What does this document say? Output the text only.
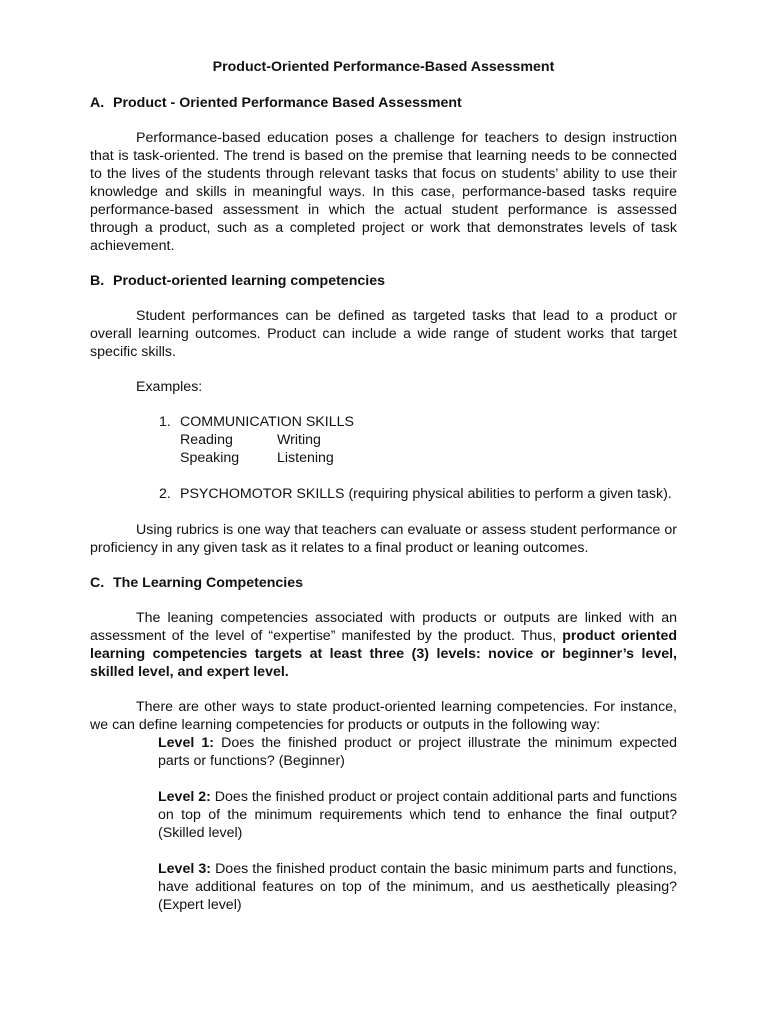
Product-Oriented Performance-Based Assessment
A. Product - Oriented Performance Based Assessment

Performance-based education poses a challenge for teachers to design instruction that is task-oriented. The trend is based on the premise that learning needs to be connected to the lives of the students through relevant tasks that focus on students’ ability to use their knowledge and skills in meaningful ways. In this case, performance-based tasks require performance-based assessment in which the actual student performance is assessed through a product, such as a completed project or work that demonstrates levels of task achievement.

B. Product-oriented learning competencies

Student performances can be defined as targeted tasks that lead to a product or overall learning outcomes. Product can include a wide range of student works that target specific skills.

Examples:
1. COMMUNICATION SKILLS
Reading	Writing
Speaking	Listening
2. PSYCHOMOTOR SKILLS (requiring physical abilities to perform a given task).

Using rubrics is one way that teachers can evaluate or assess student performance or proficiency in any given task as it relates to a final product or leaning outcomes.

C. The Learning Competencies

The leaning competencies associated with products or outputs are linked with an assessment of the level of “expertise” manifested by the product. Thus, product oriented learning competencies targets at least three (3) levels: novice or beginner’s level, skilled level, and expert level.

There are other ways to state product-oriented learning competencies. For instance, we can define learning competencies for products or outputs in the following way:

Level 1: Does the finished product or project illustrate the minimum expected parts or functions? (Beginner)
Level 2: Does the finished product or project contain additional parts and functions on top of the minimum requirements which tend to enhance the final output? (Skilled level)
Level 3: Does the finished product contain the basic minimum parts and functions, have additional features on top of the minimum, and us aesthetically pleasing? (Expert level)
